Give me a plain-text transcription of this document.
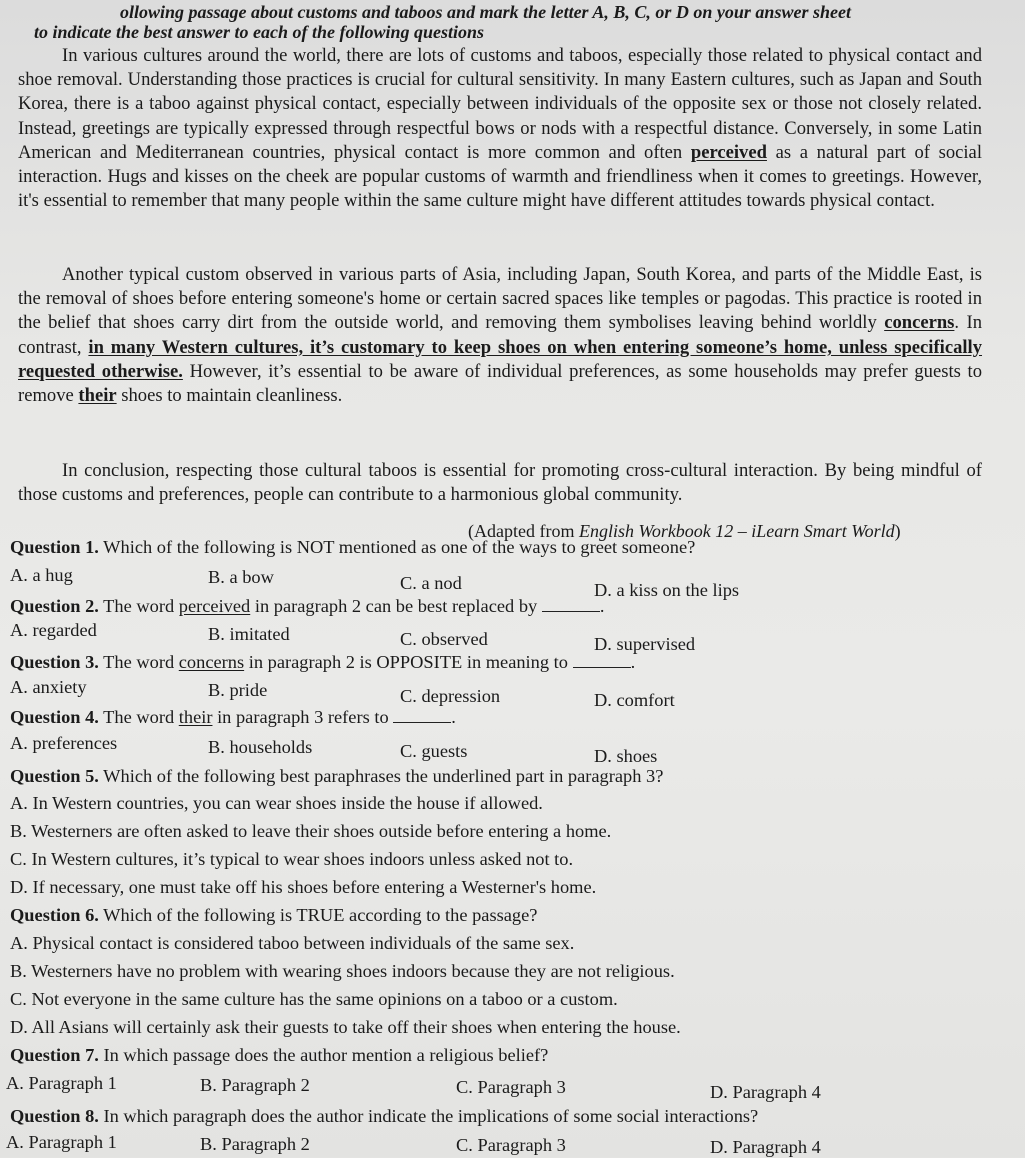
ollowing passage about customs and taboos and mark the letter A, B, C, or D on your answer sheet
to indicate the best answer to each of the following questions

In various cultures around the world, there are lots of customs and taboos, especially those related to physical contact and shoe removal. Understanding those practices is crucial for cultural sensitivity. In many Eastern cultures, such as Japan and South Korea, there is a taboo against physical contact, especially between individuals of the opposite sex or those not closely related. Instead, greetings are typically expressed through respectful bows or nods with a respectful distance. Conversely, in some Latin American and Mediterranean countries, physical contact is more common and often perceived as a natural part of social interaction. Hugs and kisses on the cheek are popular customs of warmth and friendliness when it comes to greetings. However, it's essential to remember that many people within the same culture might have different attitudes towards physical contact.

Another typical custom observed in various parts of Asia, including Japan, South Korea, and parts of the Middle East, is the removal of shoes before entering someone's home or certain sacred spaces like temples or pagodas. This practice is rooted in the belief that shoes carry dirt from the outside world, and removing them symbolises leaving behind worldly concerns. In contrast, in many Western cultures, it’s customary to keep shoes on when entering someone’s home, unless specifically requested otherwise. However, it’s essential to be aware of individual preferences, as some households may prefer guests to remove their shoes to maintain cleanliness.

In conclusion, respecting those cultural taboos is essential for promoting cross-cultural interaction. By being mindful of those customs and preferences, people can contribute to a harmonious global community.

(Adapted from English Workbook 12 – iLearn Smart World)
Question 1. Which of the following is NOT mentioned as one of the ways to greet someone?
A. a hug	B. a bow	C. a nod	D. a kiss on the lips
Question 2. The word perceived in paragraph 2 can be best replaced by	.
A. regarded	B. imitated	C. observed	D. supervised
Question 3. The word concerns in paragraph 2 is OPPOSITE in meaning to	.
A. anxiety	B. pride	C. depression	D. comfort
Question 4. The word their in paragraph 3 refers to	.
A. preferences	B. households	C. guests	D. shoes
Question 5. Which of the following best paraphrases the underlined part in paragraph 3?
A. In Western countries, you can wear shoes inside the house if allowed.
B. Westerners are often asked to leave their shoes outside before entering a home.
C. In Western cultures, it’s typical to wear shoes indoors unless asked not to.
D. If necessary, one must take off his shoes before entering a Westerner's home.
Question 6. Which of the following is TRUE according to the passage?
A. Physical contact is considered taboo between individuals of the same sex.
B. Westerners have no problem with wearing shoes indoors because they are not religious.
C. Not everyone in the same culture has the same opinions on a taboo or a custom.
D. All Asians will certainly ask their guests to take off their shoes when entering the house.
Question 7. In which passage does the author mention a religious belief?
A. Paragraph 1	B. Paragraph 2	C. Paragraph 3	D. Paragraph 4
Question 8. In which paragraph does the author indicate the implications of some social interactions?
A. Paragraph 1	B. Paragraph 2	C. Paragraph 3	D. Paragraph 4
